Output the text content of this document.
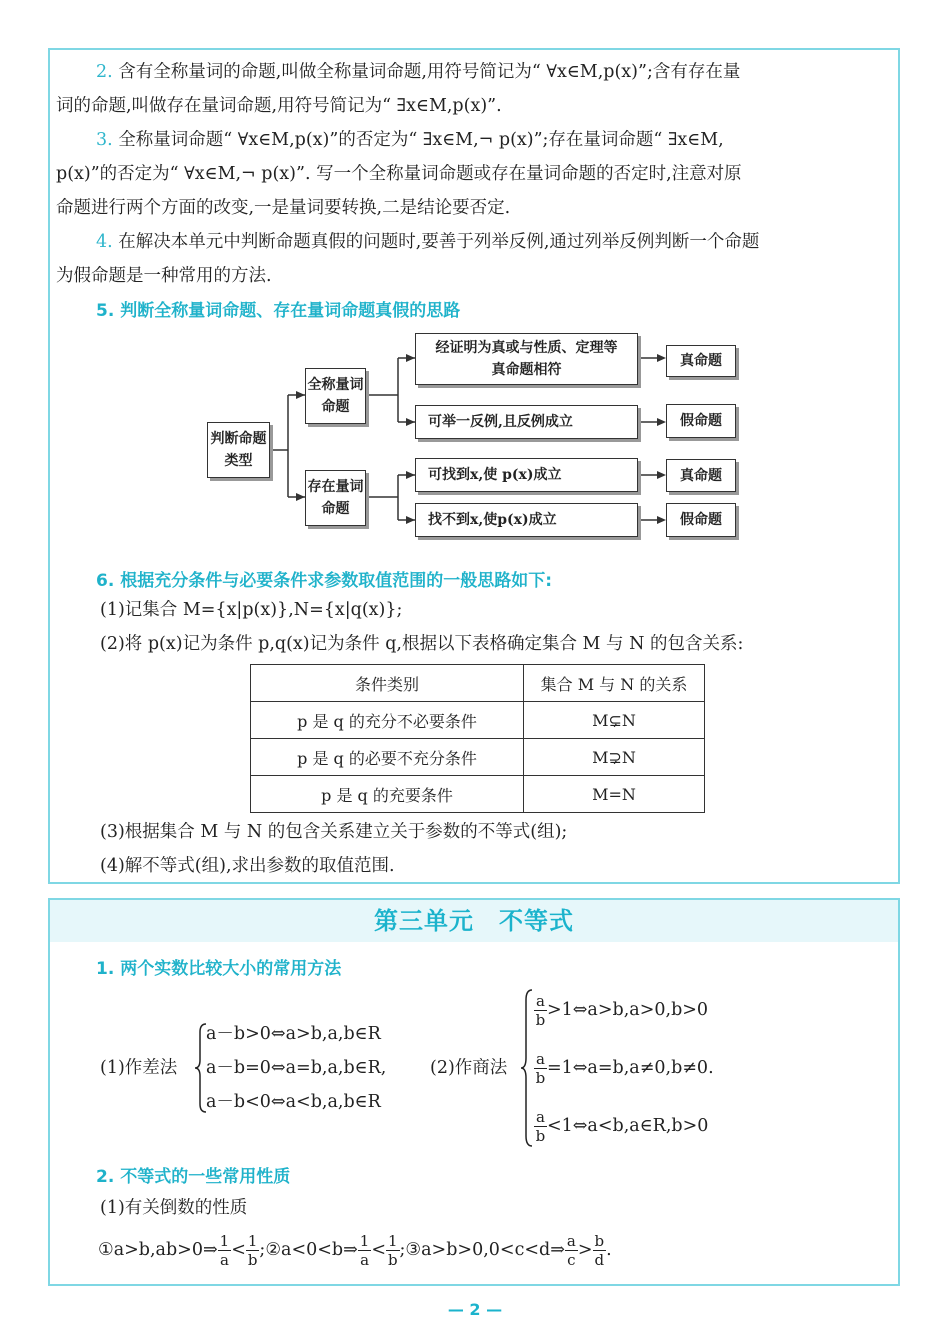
2. 含有全称量词的命题,叫做全称量词命题,用符号简记为“ ∀x∈M,p(x)”;含有存在量
词的命题,叫做存在量词命题,用符号简记为“ ∃x∈M,p(x)”.
3. 全称量词命题“ ∀x∈M,p(x)”的否定为“ ∃x∈M,¬ p(x)”;存在量词命题“ ∃x∈M,
p(x)”的否定为“ ∀x∈M,¬ p(x)”. 写一个全称量词命题或存在量词命题的否定时,注意对原
命题进行两个方面的改变,一是量词要转换,二是结论要否定.
4. 在解决本单元中判断命题真假的问题时,要善于列举反例,通过列举反例判断一个命题
为假命题是一种常用的方法.
5. 判断全称量词命题、存在量词命题真假的思路
判断命题类型
全称量词命题
存在量词命题
经证明为真或与性质、定理等真命题相符
可举一反例,且反例成立
可找到x,使 p(x)成立
找不到x,使p(x)成立
真命题
假命题
真命题
假命题
6. 根据充分条件与必要条件求参数取值范围的一般思路如下:
(1)记集合 M={x|p(x)},N={x|q(x)};
(2)将 p(x)记为条件 p,q(x)记为条件 q,根据以下表格确定集合 M 与 N 的包含关系:
条件类别	集合 M 与 N 的关系
p 是 q 的充分不必要条件	M⊊N
p 是 q 的必要不充分条件	M⊋N
p 是 q 的充要条件	M=N
(3)根据集合 M 与 N 的包含关系建立关于参数的不等式(组);
(4)解不等式(组),求出参数的取值范围.
第三单元　不等式
1. 两个实数比较大小的常用方法
(1)作差法
a－b>0⇔a>b,a,b∈R
a－b=0⇔a=b,a,b∈R,
a－b<0⇔a<b,a,b∈R
(2)作商法
$\frac{a}{b}$ >1⇔a>b,a>0,b>0
$\frac{a}{b}$ =1⇔a=b,a≠0,b≠0.
$\frac{a}{b}$ <1⇔a<b,a∈R,b>0
2. 不等式的一些常用性质
(1)有关倒数的性质
①a>b,ab>0⇒ $\frac{1}{a} < \frac{1}{b}$ ;②a<0<b⇒ $\frac{1}{a} < \frac{1}{b}$ ;③a>b>0,0<c<d⇒ $\frac{a}{c} > \frac{b}{d}$ .
— 2 —
